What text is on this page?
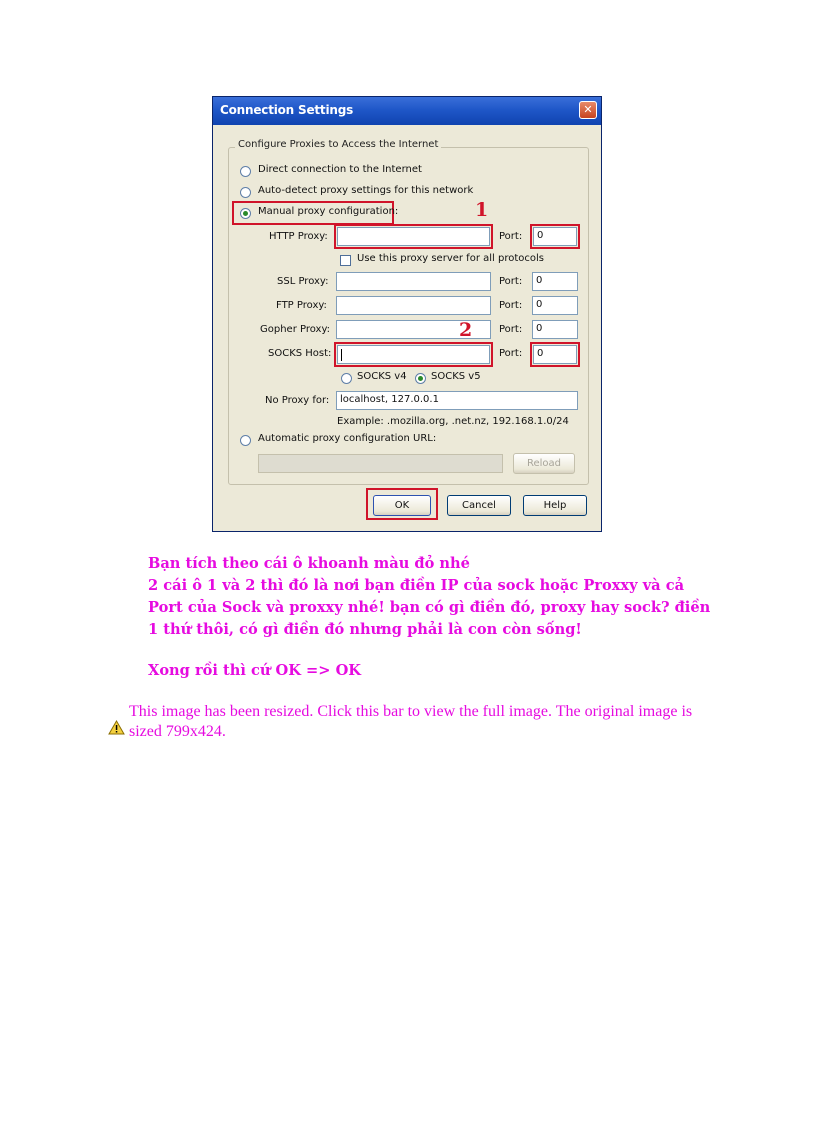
Connection Settings	✕
Configure Proxies to Access the Internet
Direct connection to the Internet
Auto-detect proxy settings for this network
Manual proxy configuration:	1
HTTP Proxy:	Port:	0
Use this proxy server for all protocols
SSL Proxy:	Port:	0
FTP Proxy:	Port:	0
Gopher Proxy:	2	Port:	0
SOCKS Host:	Port:	0
SOCKS v4 SOCKS v5
No Proxy for:	localhost, 127.0.0.1
Example: .mozilla.org, .net.nz, 192.168.1.0/24
Automatic proxy configuration URL:
Reload
OK	Cancel	Help
Bạn tích theo cái ô khoanh màu đỏ nhé
2 cái ô 1 và 2 thì đó là nơi bạn điền IP của sock hoặc Proxxy và cả
Port của Sock và proxxy nhé! bạn có gì điền đó, proxy hay sock? điền
1 thứ thôi, có gì điền đó nhưng phải là con còn sống!
Xong rồi thì cứ OK => OK
This image has been resized. Click this bar to view the full image. The original image is sized 799x424.
